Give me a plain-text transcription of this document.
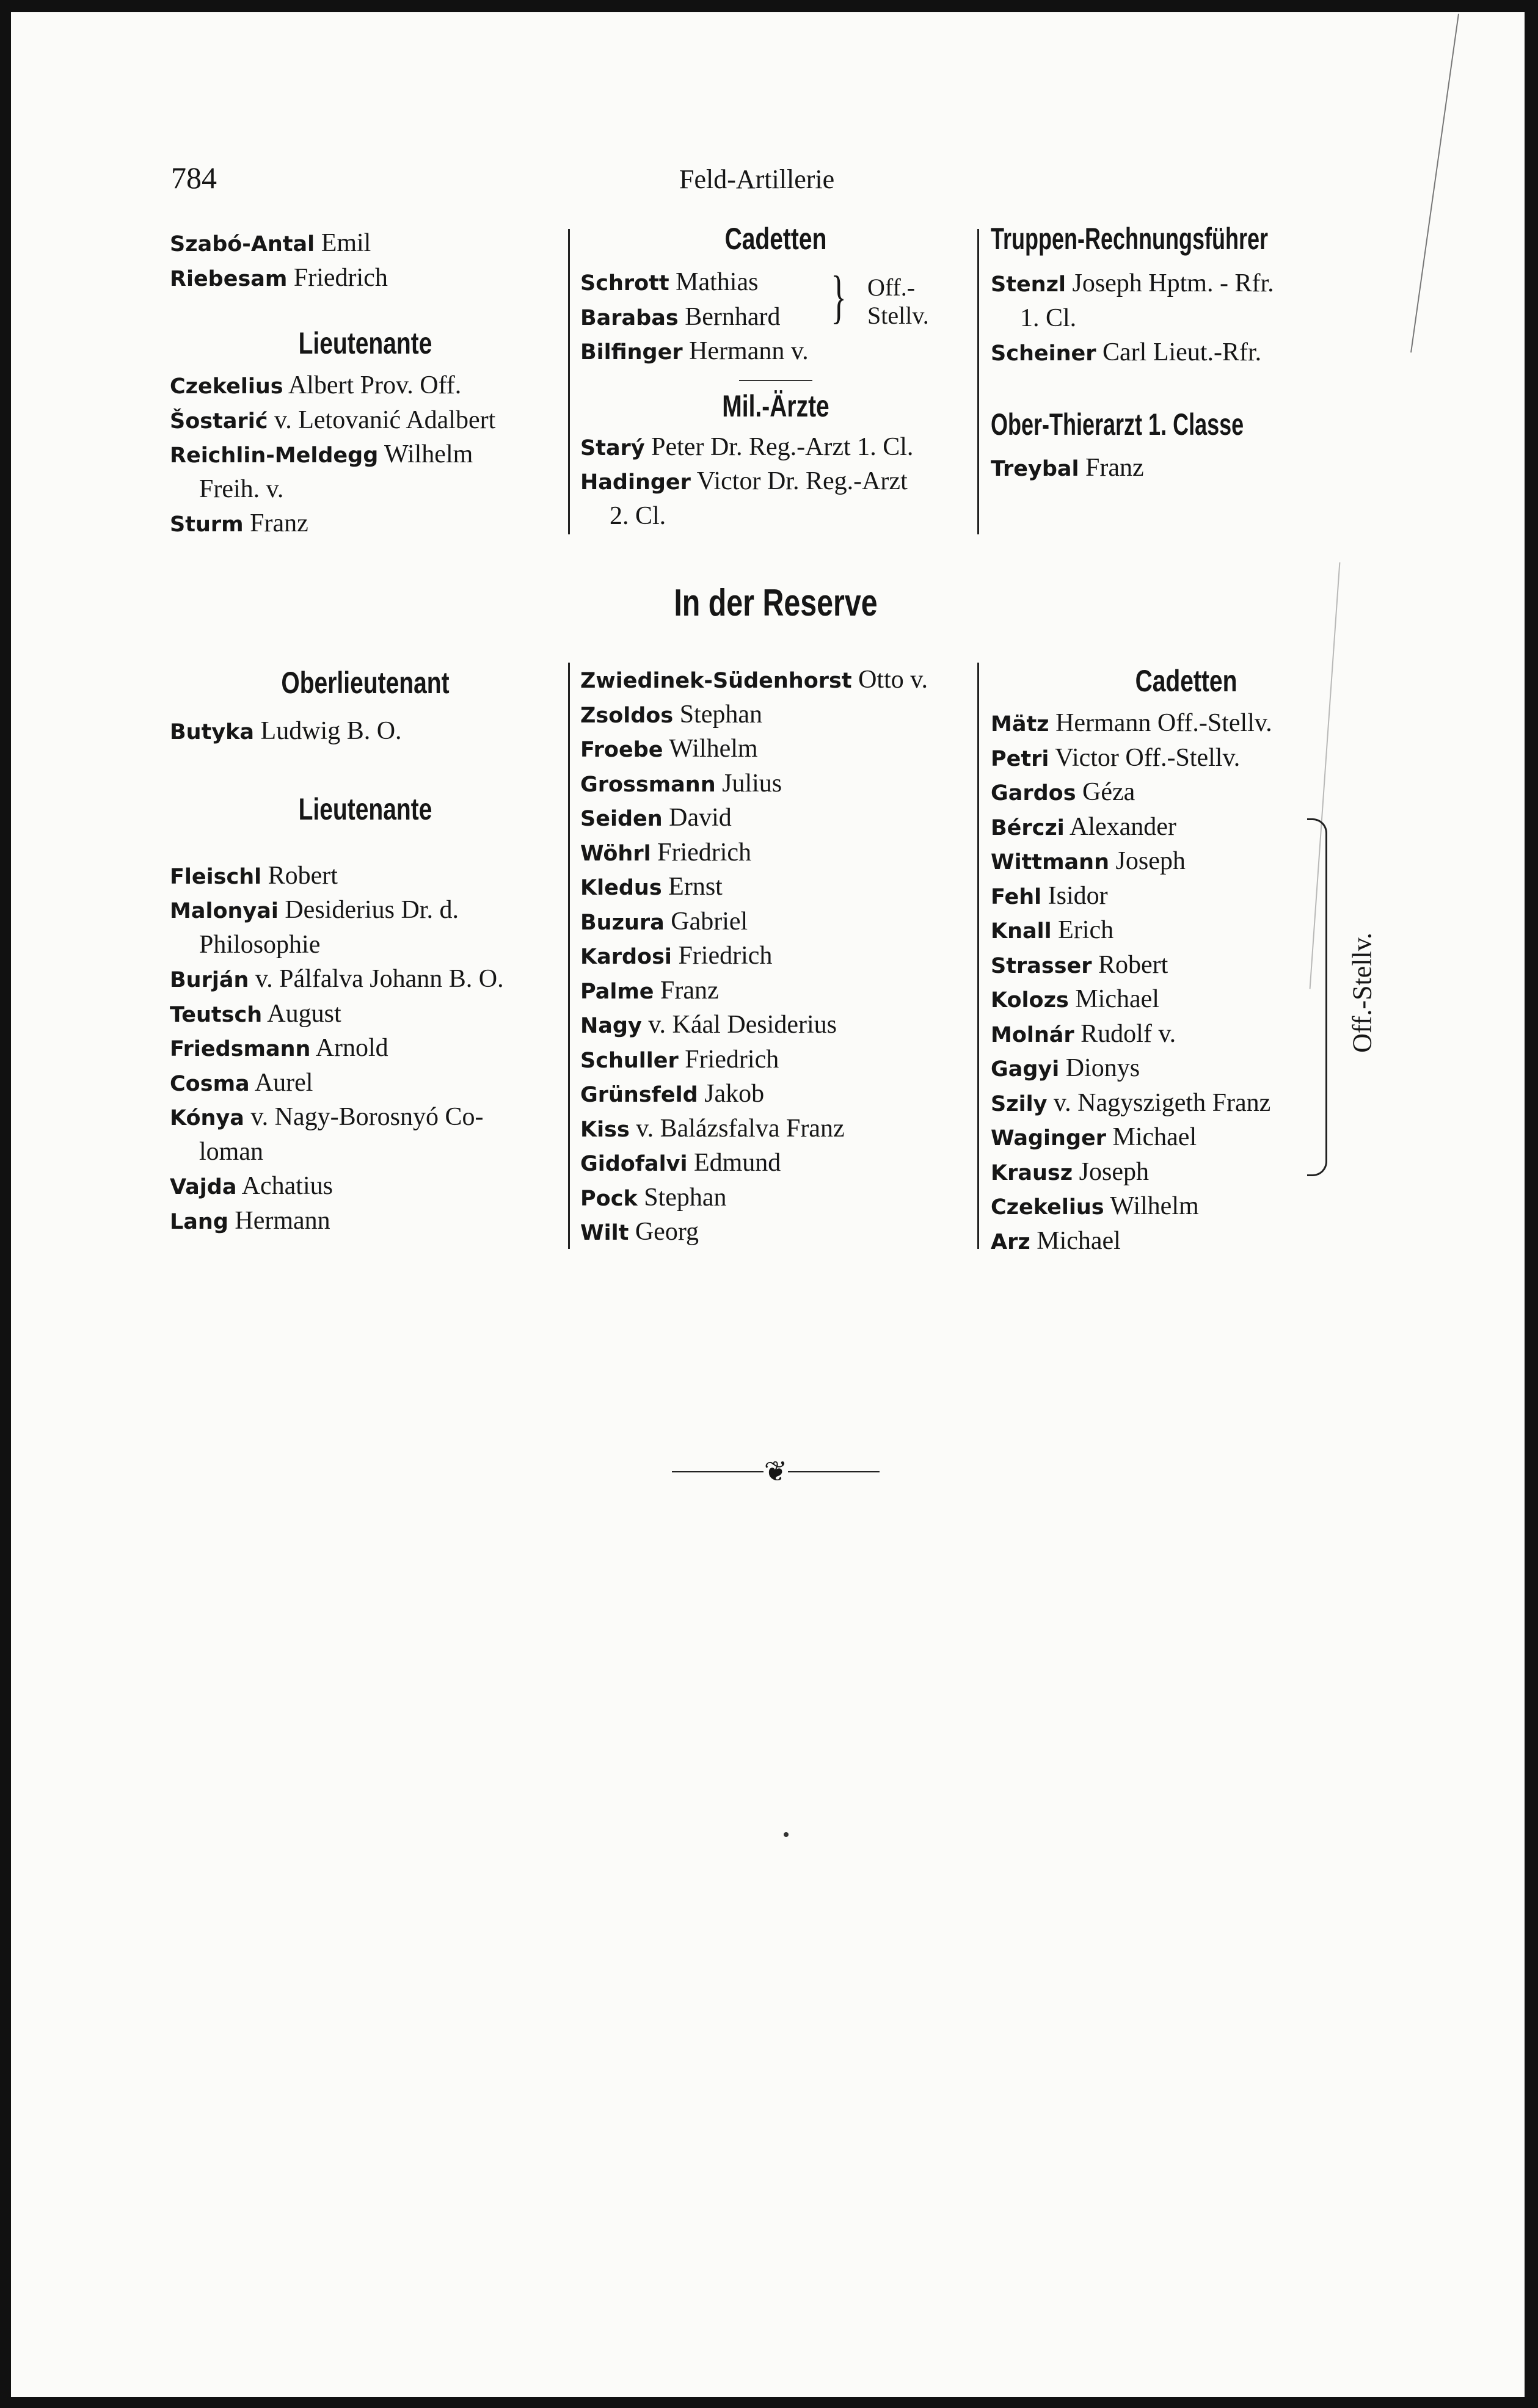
784	Feld-Artillerie
Szabó-Antal Emil
Riebesam Friedrich
Lieutenante
Czekelius Albert Prov. Off.
Šostarić v. Letovanić Adalbert
Reichlin-Meldegg Wilhelm
Freih. v.
Sturm Franz
Cadetten
Schrott Mathias
Barabas Bernhard
Bilfinger Hermann v.
} Off.-
Stellv.
Mil.-Ärzte
Starý Peter Dr. Reg.-Arzt 1. Cl.
Hadinger Victor Dr. Reg.-Arzt
2. Cl.
Truppen-Rechnungsführer
Stenzl Joseph Hptm. - Rfr.
1. Cl.
Scheiner Carl Lieut.-Rfr.
Ober-Thierarzt 1. Classe
Treybal Franz
In der Reserve
Oberlieutenant
Butyka Ludwig B. O.
Lieutenante
Fleischl Robert
Malonyai Desiderius Dr. d.
Philosophie
Burján v. Pálfalva Johann B. O.
Teutsch August
Friedsmann Arnold
Cosma Aurel
Kónya v. Nagy-Borosnyó Co-
loman
Vajda Achatius
Lang Hermann
Zwiedinek-Südenhorst Otto v.
Zsoldos Stephan
Froebe Wilhelm
Grossmann Julius
Seiden David
Wöhrl Friedrich
Kledus Ernst
Buzura Gabriel
Kardosi Friedrich
Palme Franz
Nagy v. Káal Desiderius
Schuller Friedrich
Grünsfeld Jakob
Kiss v. Balázsfalva Franz
Gidofalvi Edmund
Pock Stephan
Wilt Georg
Cadetten
Mätz Hermann Off.-Stellv.
Petri Victor Off.-Stellv.
Gardos Géza
Bérczi Alexander
Wittmann Joseph
Fehl Isidor
Knall Erich
Strasser Robert
Kolozs Michael
Molnár Rudolf v.
Gagyi Dionys
Szily v. Nagyszigeth Franz
Waginger Michael
Krausz Joseph
Czekelius Wilhelm
Arz Michael
Off.-Stellv.
❦
